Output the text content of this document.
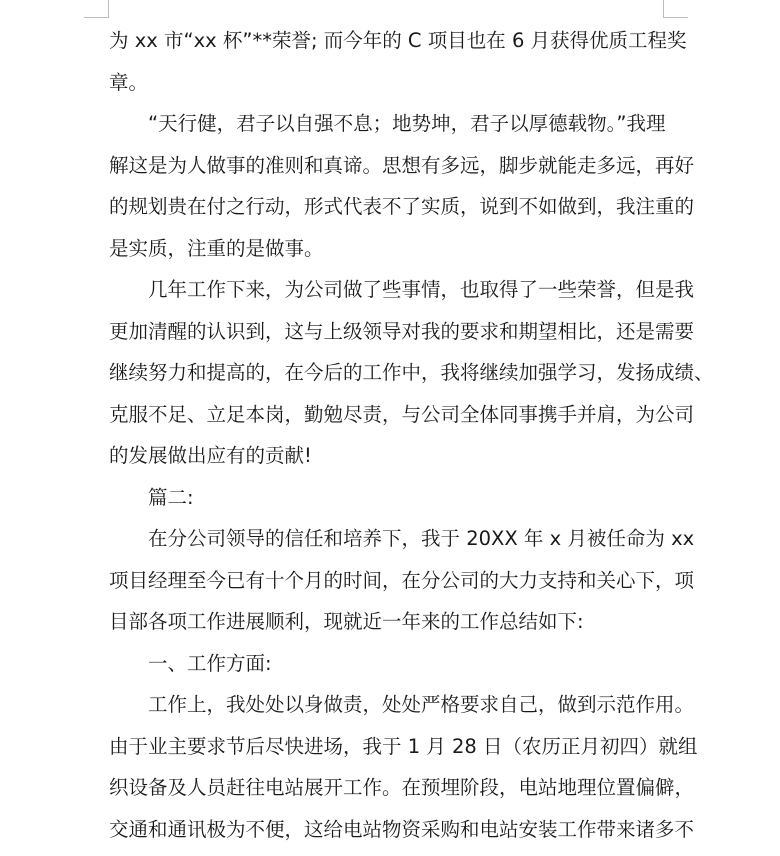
为 xx 市“xx 杯”**荣誉; 而今年的 C 项目也在 6 月获得优质工程奖
章。
“天行健，君子以自强不息；地势坤，君子以厚德载物。”我理
解这是为人做事的准则和真谛。思想有多远，脚步就能走多远，再好
的规划贵在付之行动，形式代表不了实质，说到不如做到，我注重的
是实质，注重的是做事。
几年工作下来，为公司做了些事情，也取得了一些荣誉，但是我
更加清醒的认识到，这与上级领导对我的要求和期望相比，还是需要
继续努力和提高的，在今后的工作中，我将继续加强学习，发扬成绩、
克服不足、立足本岗，勤勉尽责，与公司全体同事携手并肩，为公司
的发展做出应有的贡献!
篇二:
在分公司领导的信任和培养下，我于 20XX 年 x 月被任命为 xx
项目经理至今已有十个月的时间，在分公司的大力支持和关心下，项
目部各项工作进展顺利，现就近一年来的工作总结如下:
一、工作方面:
工作上，我处处以身做责，处处严格要求自己，做到示范作用。
由于业主要求节后尽快进场，我于 1 月 28 日（农历正月初四）就组
织设备及人员赶往电站展开工作。在预埋阶段，电站地理位置偏僻，
交通和通讯极为不便，这给电站物资采购和电站安装工作带来诸多不
